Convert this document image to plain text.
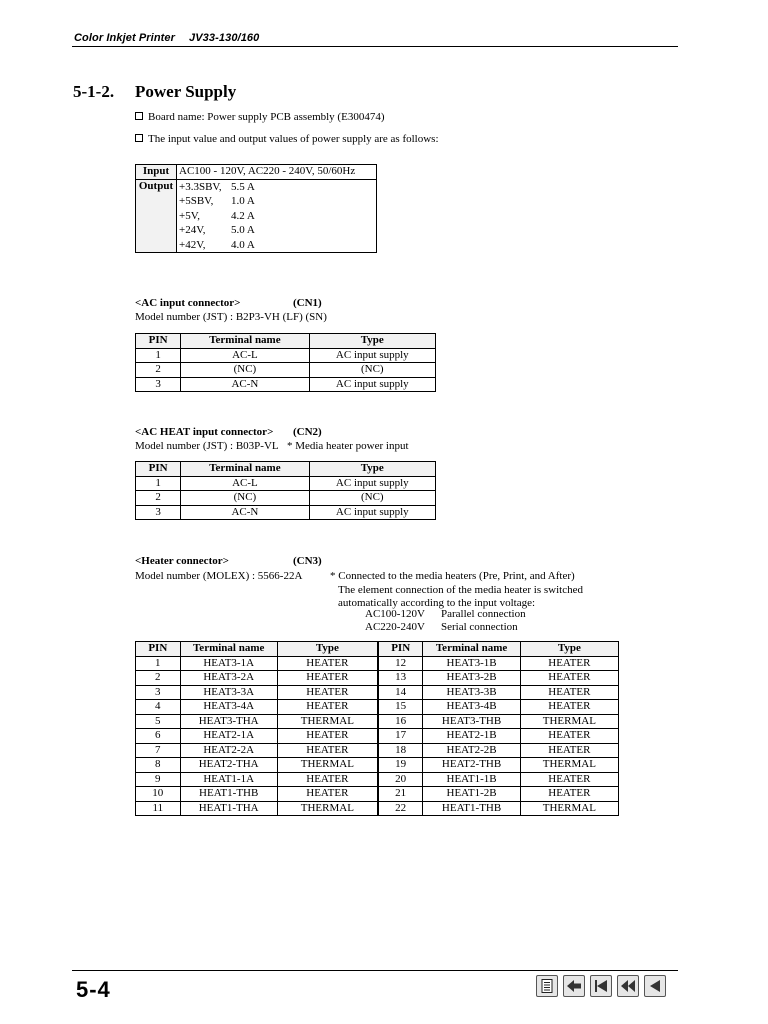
Color Inkjet Printer JV33-130/160
5-1-2. Power Supply
Board name: Power supply PCB assembly (E300474)
The input value and output values of power supply are as follows:
Input	AC100 - 120V, AC220 - 240V, 50/60Hz
Output	+3.3SBV, 5.5 A
+5SBV, 1.0 A
+5V, 4.2 A
+24V, 5.0 A
+42V, 4.0 A
<AC input connector>	(CN1)
Model number (JST) : B2P3-VH (LF) (SN)
PIN	Terminal name	Type
1	AC-L	AC input supply
2	(NC)	(NC)
3	AC-N	AC input supply
<AC HEAT input connector> (CN2)
Model number (JST) : B03P-VL * Media heater power input
PIN	Terminal name	Type
1	AC-L	AC input supply
2	(NC)	(NC)
3	AC-N	AC input supply
<Heater connector>	(CN3)
Model number (MOLEX) : 5566-22A	* Connected to the media heaters (Pre, Print, and After)
The element connection of the media heater is switched
automatically according to the input voltage:
AC100-120V Parallel connection
AC220-240V Serial connection
PIN	Terminal name	Type	PIN	Terminal name	Type
1	HEAT3-1A	HEATER	12	HEAT3-1B	HEATER
2	HEAT3-2A	HEATER	13	HEAT3-2B	HEATER
3	HEAT3-3A	HEATER	14	HEAT3-3B	HEATER
4	HEAT3-4A	HEATER	15	HEAT3-4B	HEATER
5	HEAT3-THA	THERMAL	16	HEAT3-THB	THERMAL
6	HEAT2-1A	HEATER	17	HEAT2-1B	HEATER
7	HEAT2-2A	HEATER	18	HEAT2-2B	HEATER
8	HEAT2-THA	THERMAL	19	HEAT2-THB	THERMAL
9	HEAT1-1A	HEATER	20	HEAT1-1B	HEATER
10	HEAT1-THB	HEATER	21	HEAT1-2B	HEATER
11	HEAT1-THA	THERMAL	22	HEAT1-THB	THERMAL
5-4
